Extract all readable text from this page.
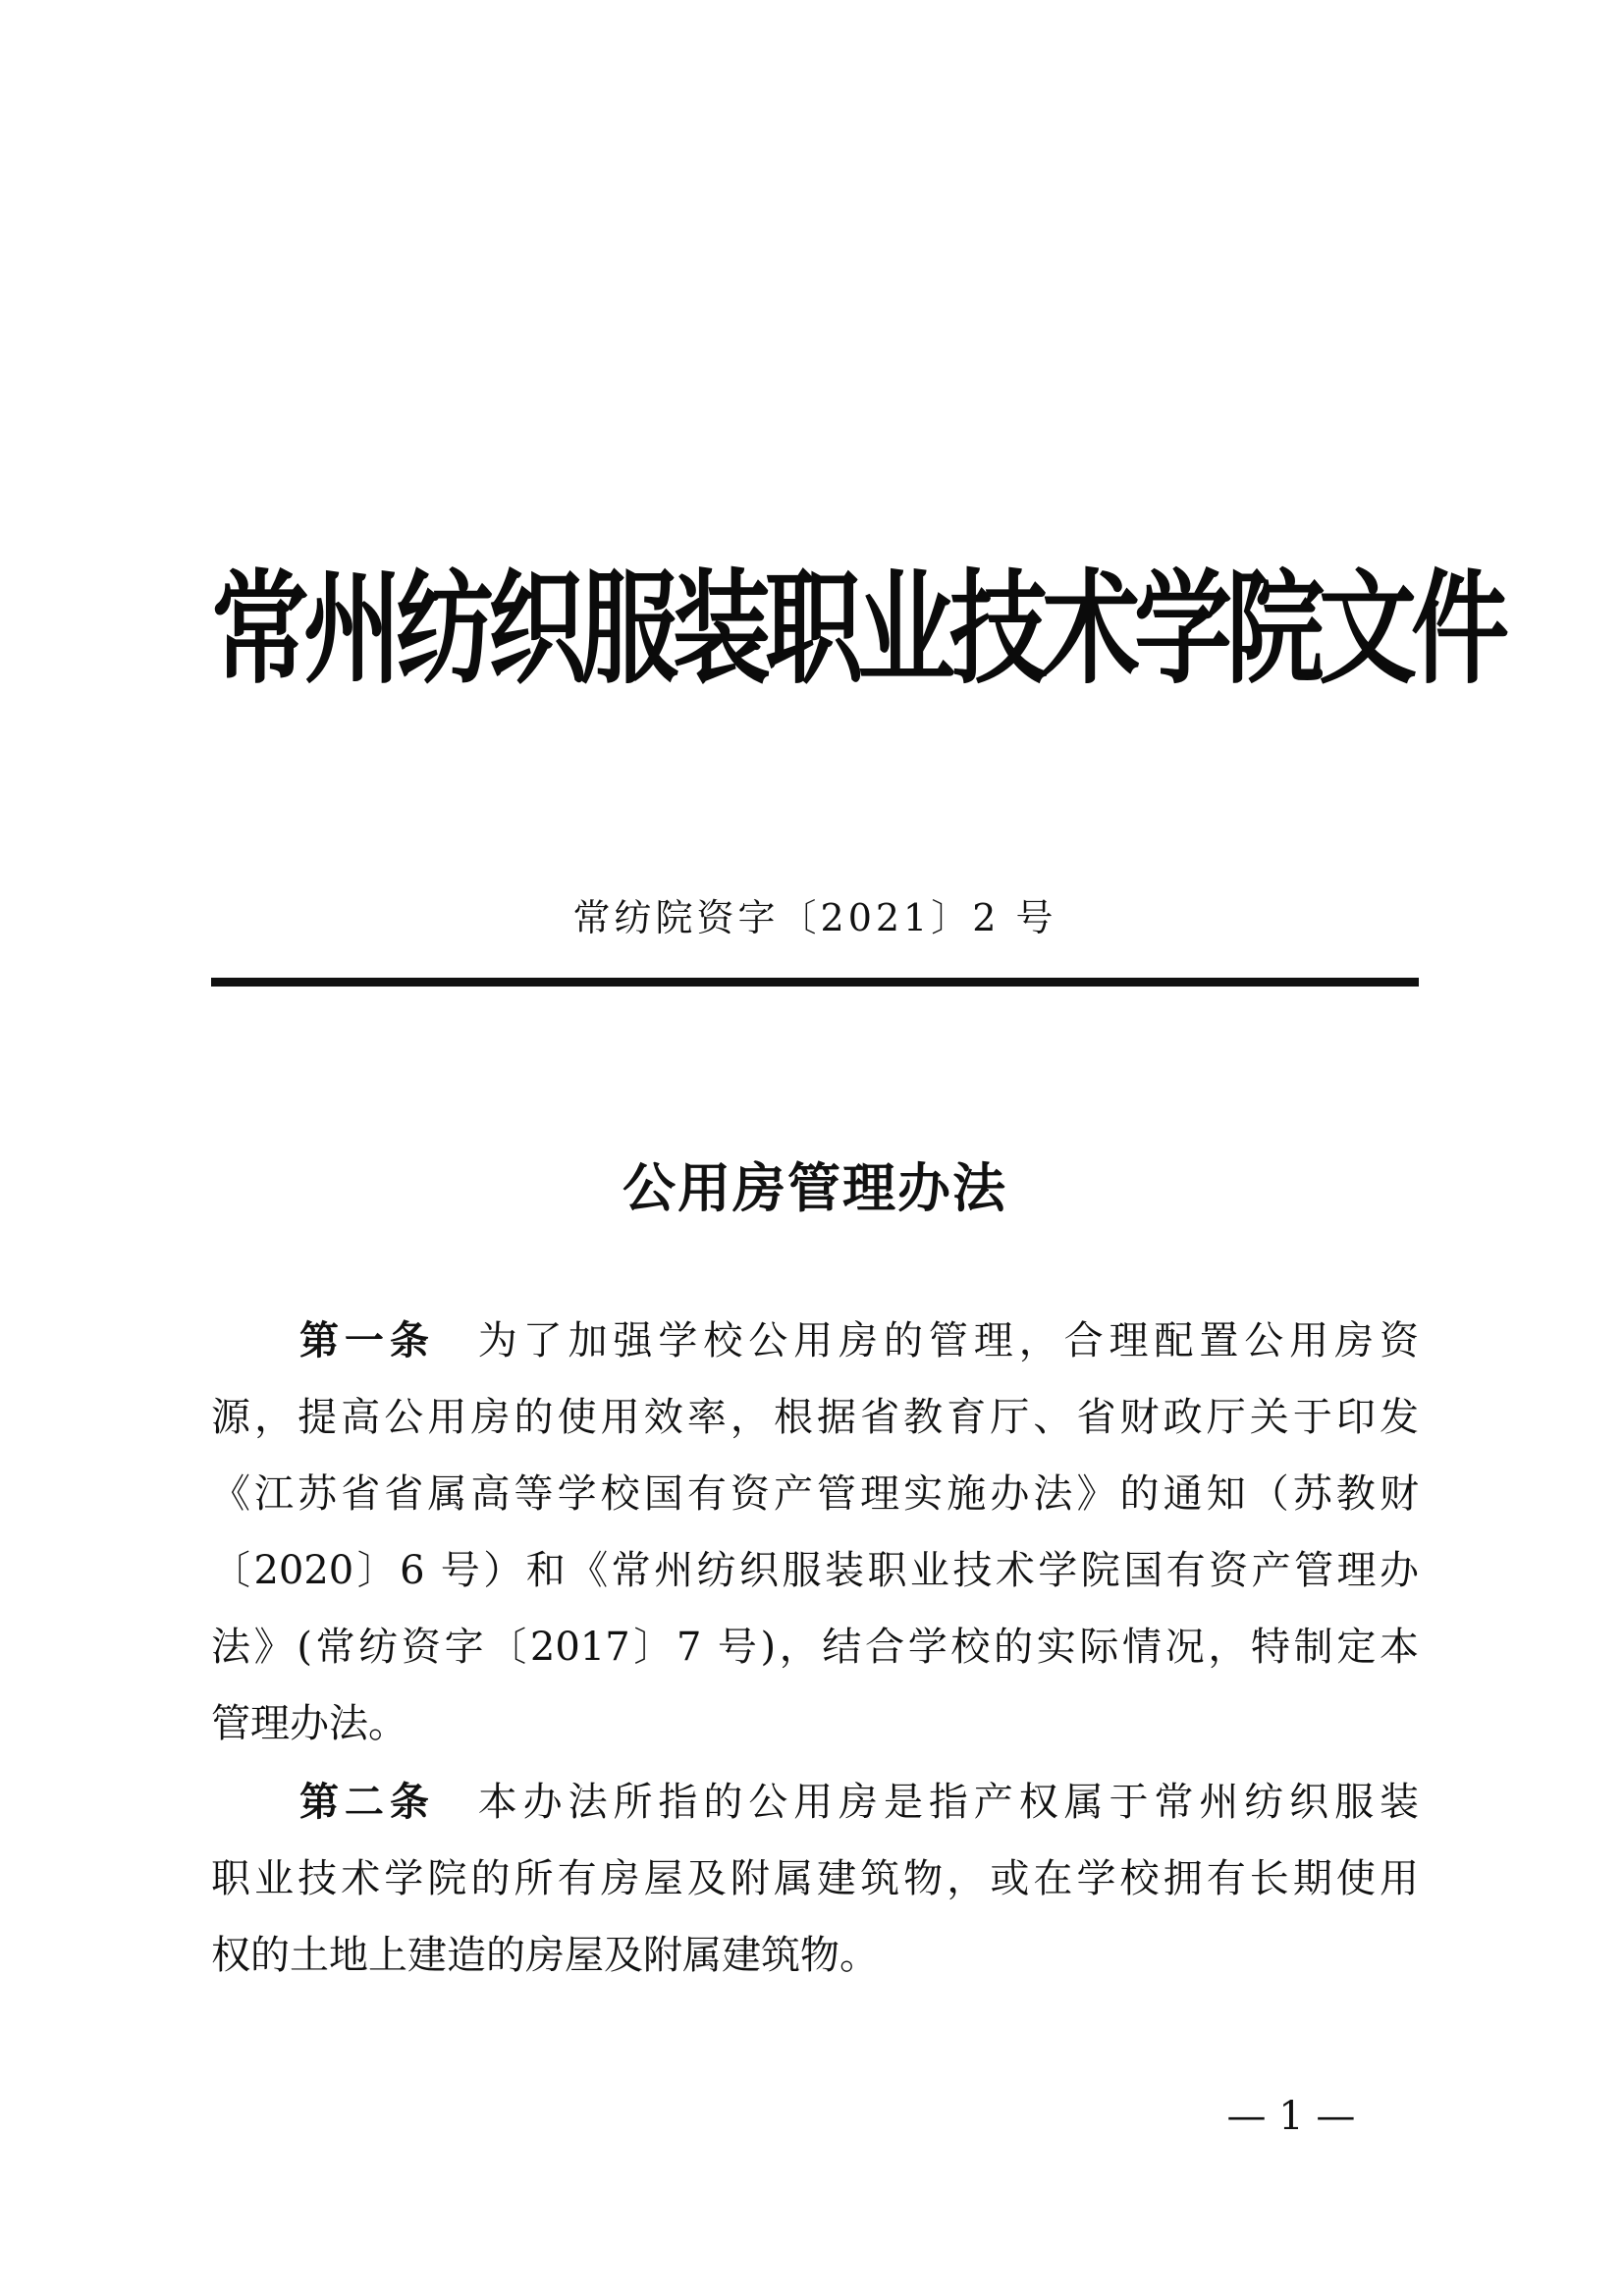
常州纺织服装职业技术学院文件
常纺院资字〔2021〕2 号
公用房管理办法
第一条 为了加强学校公用房的管理，合理配置公用房资
源，提高公用房的使用效率，根据省教育厅、省财政厅关于印发
《江苏省省属高等学校国有资产管理实施办法》的通知（苏教财
〔2020〕6 号）和《常州纺织服装职业技术学院国有资产管理办
法》(常纺资字〔2017〕7 号)，结合学校的实际情况，特制定本
管理办法。
第二条 本办法所指的公用房是指产权属于常州纺织服装
职业技术学院的所有房屋及附属建筑物，或在学校拥有长期使用
权的土地上建造的房屋及附属建筑物。
— 1 —
